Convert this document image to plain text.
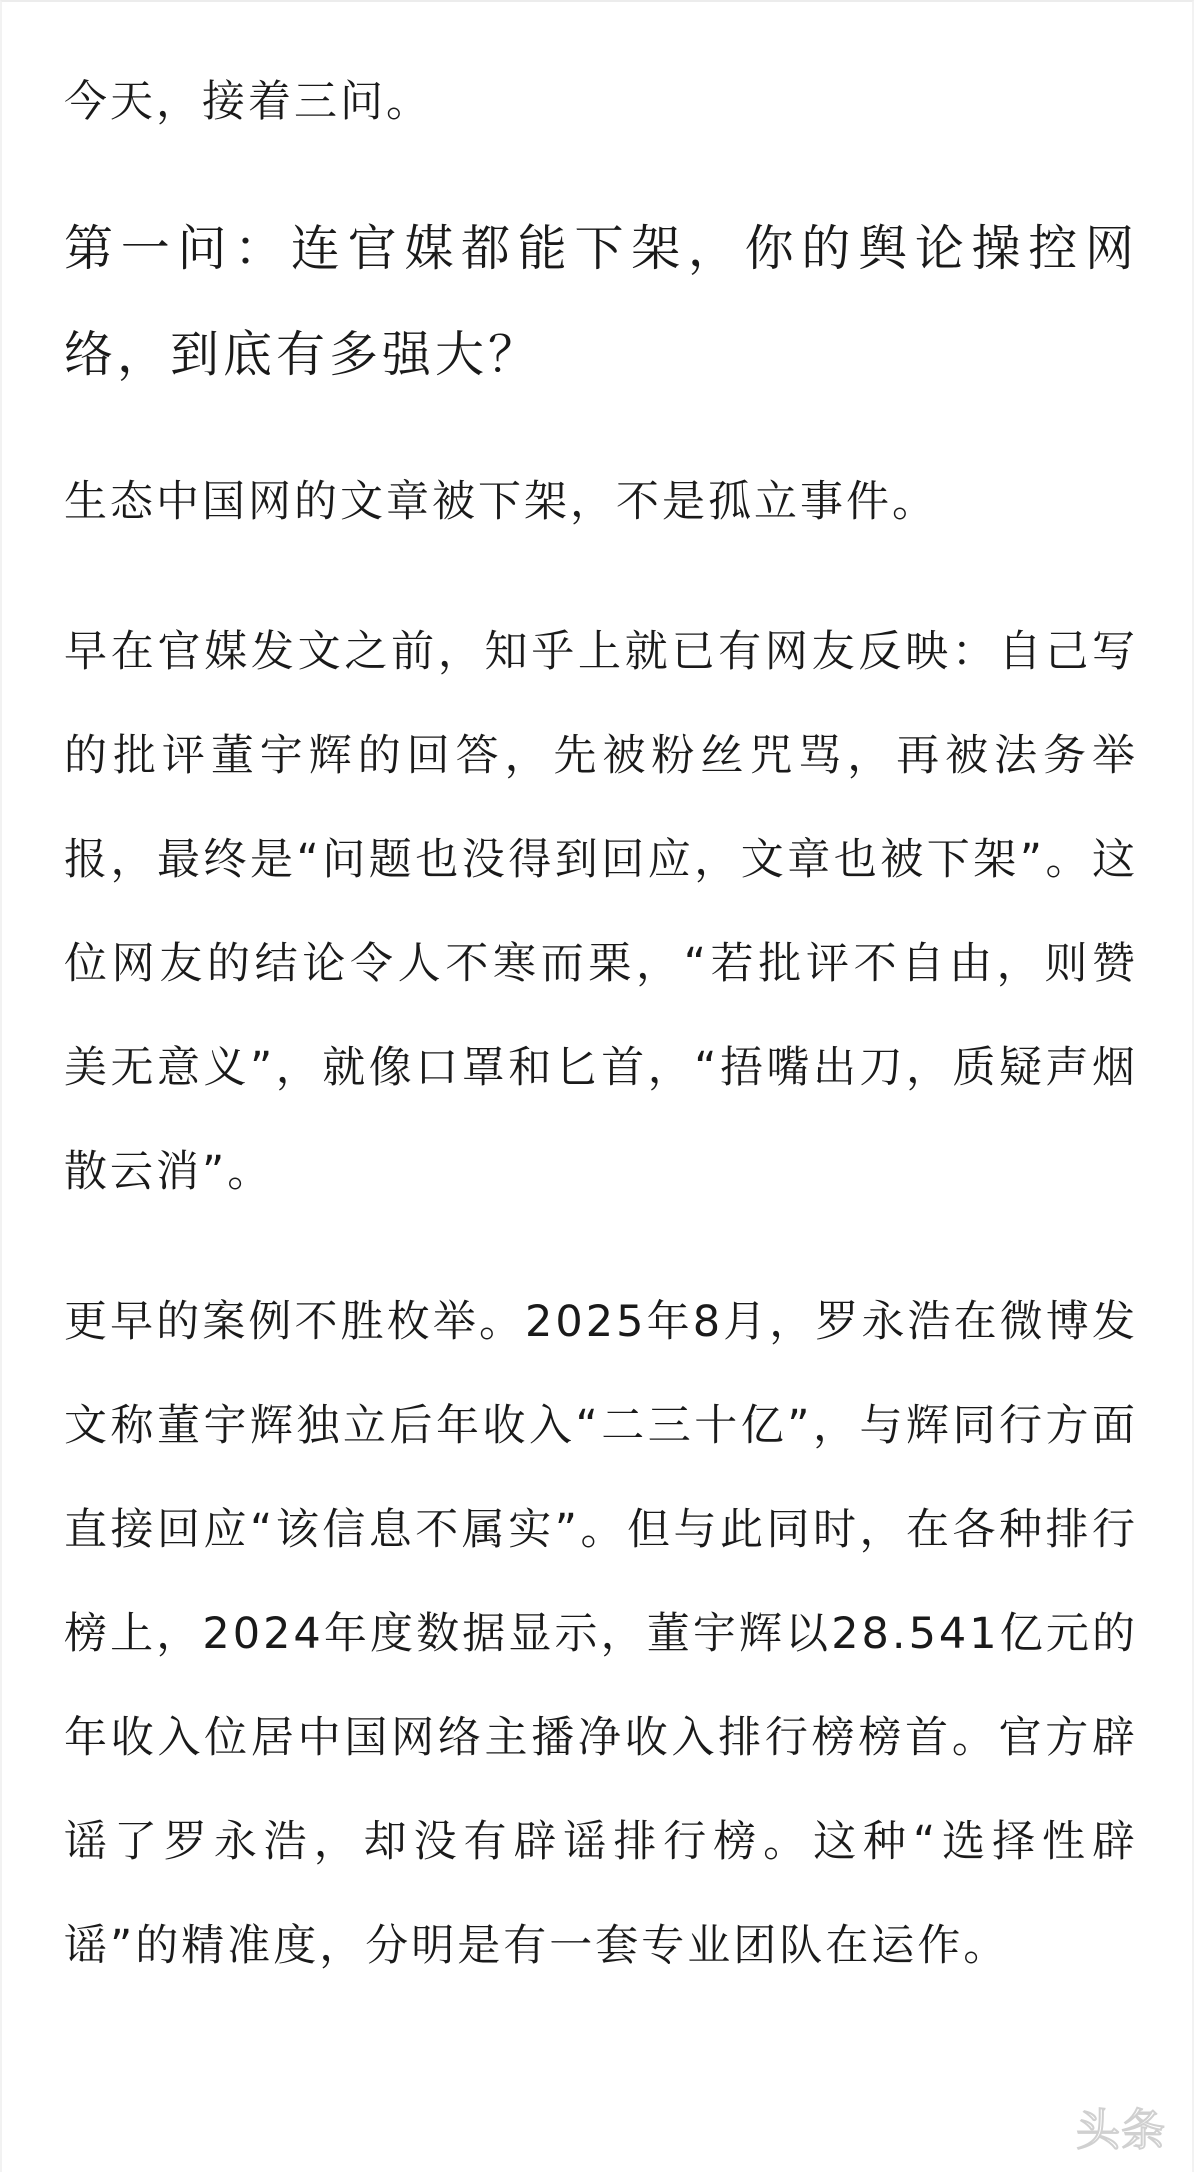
今天，接着三问。

第一问：连官媒都能下架，你的舆论操控网络，到底有多强大？

生态中国网的文章被下架，不是孤立事件。

早在官媒发文之前，知乎上就已有网友反映：自己写的批评董宇辉的回答，先被粉丝咒骂，再被法务举报，最终是“问题也没得到回应，文章也被下架”。这位网友的结论令人不寒而栗，“若批评不自由，则赞美无意义”，就像口罩和匕首，“捂嘴出刀，质疑声烟散云消”。

更早的案例不胜枚举。2025年8月，罗永浩在微博发文称董宇辉独立后年收入“二三十亿”，与辉同行方面直接回应“该信息不属实”。但与此同时，在各种排行榜上，2024年度数据显示，董宇辉以28.541亿元的年收入位居中国网络主播净收入排行榜榜首。官方辟谣了罗永浩，却没有辟谣排行榜。这种“选择性辟谣”的精准度，分明是有一套专业团队在运作。

头条
